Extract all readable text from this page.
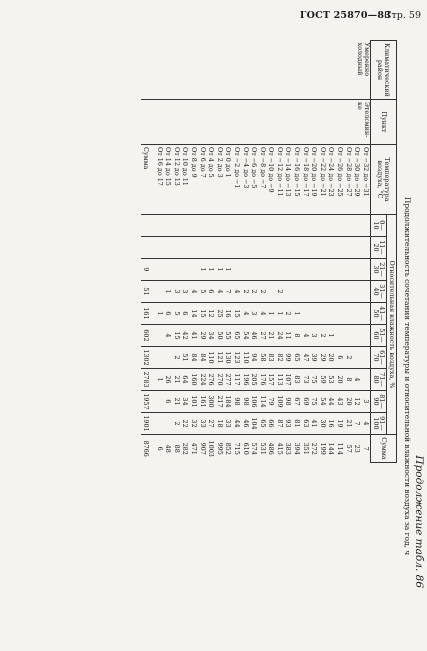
ГОСТ 25870—83
Стр. 59
Продолжение табл. 86
Продолжительность сочетания температуры и относительной влажности воздуха за год, ч
Климатический район	Пункт	Температура воздуха, °С	Относительная влажность воздуха, %										Сумма
			0—10	11—20	21—30	31—40	41—50	51—60	61—70	71—80	81—90	91—100	
Умеренно холодный	Этелсмин-ке	От −32 до −31									3	4	7
		От −30 до −29								4	12	7	23
		От −28 до −27							2	8	20	21	57
		От −26 до −25							6	20	43	19	114
		От −24 до −23						1	20	53	44	16	144
		От −22 до −21						2	29	59	54	30	199
		От −20 до −19						3	39	75	75	41	272
		От −18 до −17						4	47	73	69	63	351
		От −16 до −15					1	8	65	83	67	81	394
		От −14 до −13					2	11	99	107	98	93	383
		От −12 до −11				2	1	24	82	113	109	87	415
		От −10 до −9					1	21	83	157	79	66	486
		От −8 до −7				2	4	27	58	176	114	65	531
		От −6 до −5				2	3	46	94	205	106	104	574
		От −4 до −3				2	4	54	110	196	98	46	610
		От −2 до −1				4	15	65	123	117	98	44	715
		От 0 до 1			1	7	16	55	130	277	184	33	852
		От 2 до 3			1	4	25	50	121	270	217	18	995
		От 4 до 5			1	6	12	34	110	276	300	27	1003
		От 6 до 7			1	5	15	29	84	224	161	33	907
		От 8 до 9				4	14	41	84	160	101	32	471
		От 10 до 11				3	6	42	51	64	34	22	282
		От 12 до 13				3	5	15	2	21	21	2	88
		От 14 до 15				1	6	4		26	6		48
		От 16 до 17					1			1			6
		Сумма			9	51	161	602	1302	2783	1957	1901	8766
